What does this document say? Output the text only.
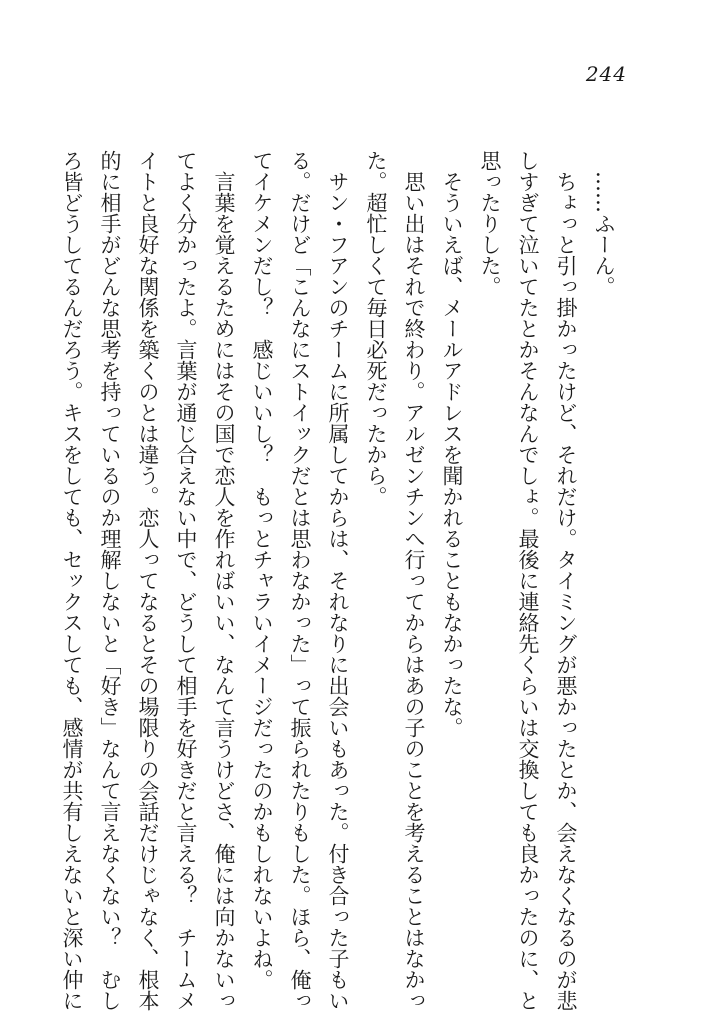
244
　……ふーん。
　ちょっと引っ掛かったけど、それだけ。タイミングが悪かったとか、会えなくなるのが悲
しすぎて泣いてたとかそんなんでしょ。最後に連絡先くらいは交換しても良かったのに、と
思ったりした。
　そういえば、メールアドレスを聞かれることもなかったな。
　思い出はそれで終わり。アルゼンチンへ行ってからはあの子のことを考えることはなかっ
た。超忙しくて毎日必死だったから。
　サン・フアンのチームに所属してからは、それなりに出会いもあった。付き合った子もい
る。だけど「こんなにストイックだとは思わなかった」って振られたりもした。ほら、俺っ
てイケメンだし？　感じいいし？　もっとチャラいイメージだったのかもしれないよね。
　言葉を覚えるためにはその国で恋人を作ればいい、なんて言うけどさ、俺には向かないっ
てよく分かったよ。言葉が通じ合えない中で、どうして相手を好きだと言える？　チームメ
イトと良好な関係を築くのとは違う。恋人ってなるとその場限りの会話だけじゃなく、根本
的に相手がどんな思考を持っているのか理解しないと「好き」なんて言えなくない？　むし
ろ皆どうしてるんだろう。キスをしても、セックスしても、感情が共有しえないと深い仲に
